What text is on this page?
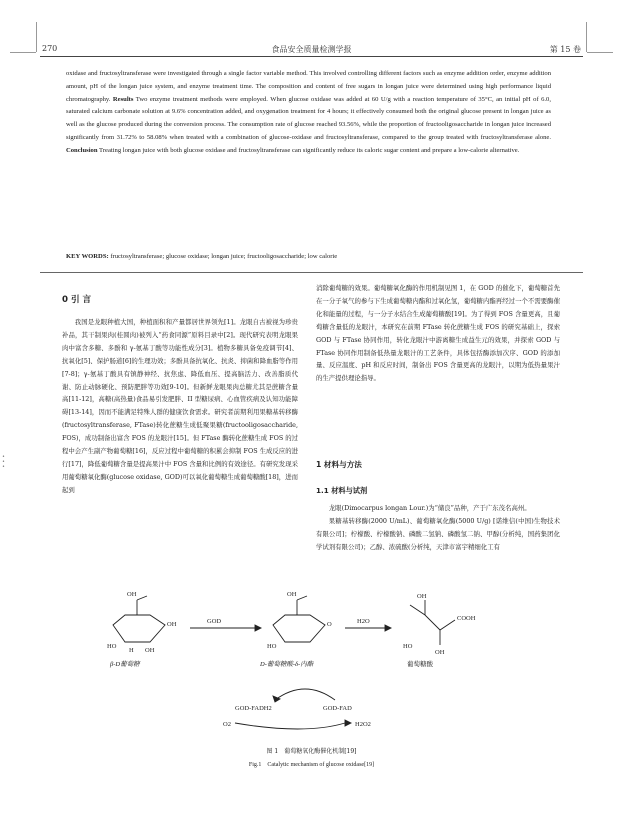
270	食品安全质量检测学报	第 15 卷
oxidase and fructosyltransferase were investigated through a single factor variable method. This involved controlling different factors such as enzyme addition order, enzyme addition amount, pH of the longan juice system, and enzyme treatment time. The composition and content of free sugars in longan juice were determined using high performance liquid chromatography. Results Two enzyme treatment methods were employed. When glucose oxidase was added at 60 U/g with a reaction temperature of 35°C, an initial pH of 6.0, saturated calcium carbonate solution at 9.6% concentration added, and oxygenation treatment for 4 hours; it effectively consumed both the original glucose present in longan juice as well as the glucose produced during the conversion process. The consumption rate of glucose reached 93.56%, while the proportion of fructooligosaccharide in longan juice increased significantly from 31.72% to 58.08% when treated with a combination of glucose-oxidase and fructosyltransferase, compared to the group treated with fructosyltransferase alone. Conclusion Treating longan juice with both glucose oxidase and fructosyltransferase can significantly reduce its caloric sugar content and prepare a low-calorie alternative.
KEY WORDS: fructosyltransferase; glucose oxidase; longan juice; fructooligosaccharide; low calorie
0 引 言

我国是龙眼种植大国，种植面积和产量都居世界领先[1]。龙眼自古被视为珍贵补品，其干制果肉(桂圆肉)被列入“药食同源”原料目录中[2]。现代研究表明龙眼果肉中富含多糖、多酚和 γ-氨基丁酸等功能性成分[3]。植物多糖具备免疫调节[4]、抗氧化[5]、保护肠道[6]的生理功效；多酚具备抗氧化、抗炎、抑菌和降血脂等作用[7-8]；γ-氨基丁酸具有镇静神经、抗焦虑、降低血压、提高脑活力、改善脂质代谢、防止动脉硬化、预防肥胖等功效[9-10]。但新鲜龙眼果肉总糖尤其是蔗糖含量高[11-12]，高糖(高热量)食品易引发肥胖、II 型糖尿病、心血管疾病及认知功能障碍[13-14]，因而不能满足特殊人群的健康饮食需求。研究者前期利用果糖基转移酶(fructosyltransferase, FTase)转化蔗糖生成低聚果糖(fructooligosaccharide, FOS)，成功制备出富含 FOS 的龙眼汁[15]。但 FTase 酶转化蔗糖生成 FOS 的过程中会产生副产物葡萄糖[16]，反应过程中葡萄糖的积累会抑制 FOS 生成反应的进行[17]，降低葡萄糖含量是提高果汁中 FOS 含量和比例的有效途径。有研究发现采用葡萄糖氧化酶(glucose oxidase, GOD)可以氧化葡萄糖生成葡萄糖酸[18]，进而起到

•
•
•

消除葡萄糖的效果。葡萄糖氧化酶的作用机制见图 1，在 GOD 的催化下，葡萄糖首先在一分子氧气的参与下生成葡萄糖内酯和过氧化氢，葡萄糖内酯再经过一个不需要酶催化和能量的过程，与一分子水结合生成葡萄糖酸[19]。为了得到 FOS 含量更高，且葡萄糖含量低的龙眼汁，本研究在前期 FTase 转化蔗糖生成 FOS 的研究基础上，探索 GOD 与 FTase 协同作用，转化龙眼汁中游离糖生成益生元的效果，并探索 GOD 与 FTase 协同作用制备低热量龙眼汁的工艺条件，具体包括酶添加次序、GOD 的添加量、反应温度、pH 和反应时间，制备出 FOS 含量更高的龙眼汁，以期为低热量果汁的生产提供理论指导。

1 材料与方法
1.1 材料与试剂

龙眼(Dimocarpus longan Lour.)为“储良”品种，产于广东茂名高州。

果糖基转移酶(2000 U/mL)、葡萄糖氧化酶(5000 U/g) [诺维信(中国)生物技术有限公司]；柠檬酸、柠檬酸钠、磷酸二氢钠、磷酸氢二钠、甲醇(分析纯，国药集团化学试剂有限公司)；乙醇、浓硫酸(分析纯，天津市富宇精细化工有

OH
HO
OH
H OH
OH
HO
O
OH
COOH
HO
OH
GOD	H2O
β-D葡萄糖	D-葡萄糖酸-δ-内酯	葡萄糖酸
GOD-FADH2	GOD-FAD
O2	H2O2
图 1　葡萄糖氧化酶催化机制[19]
Fig.1　Catalytic mechanism of glucose oxidase[19]
